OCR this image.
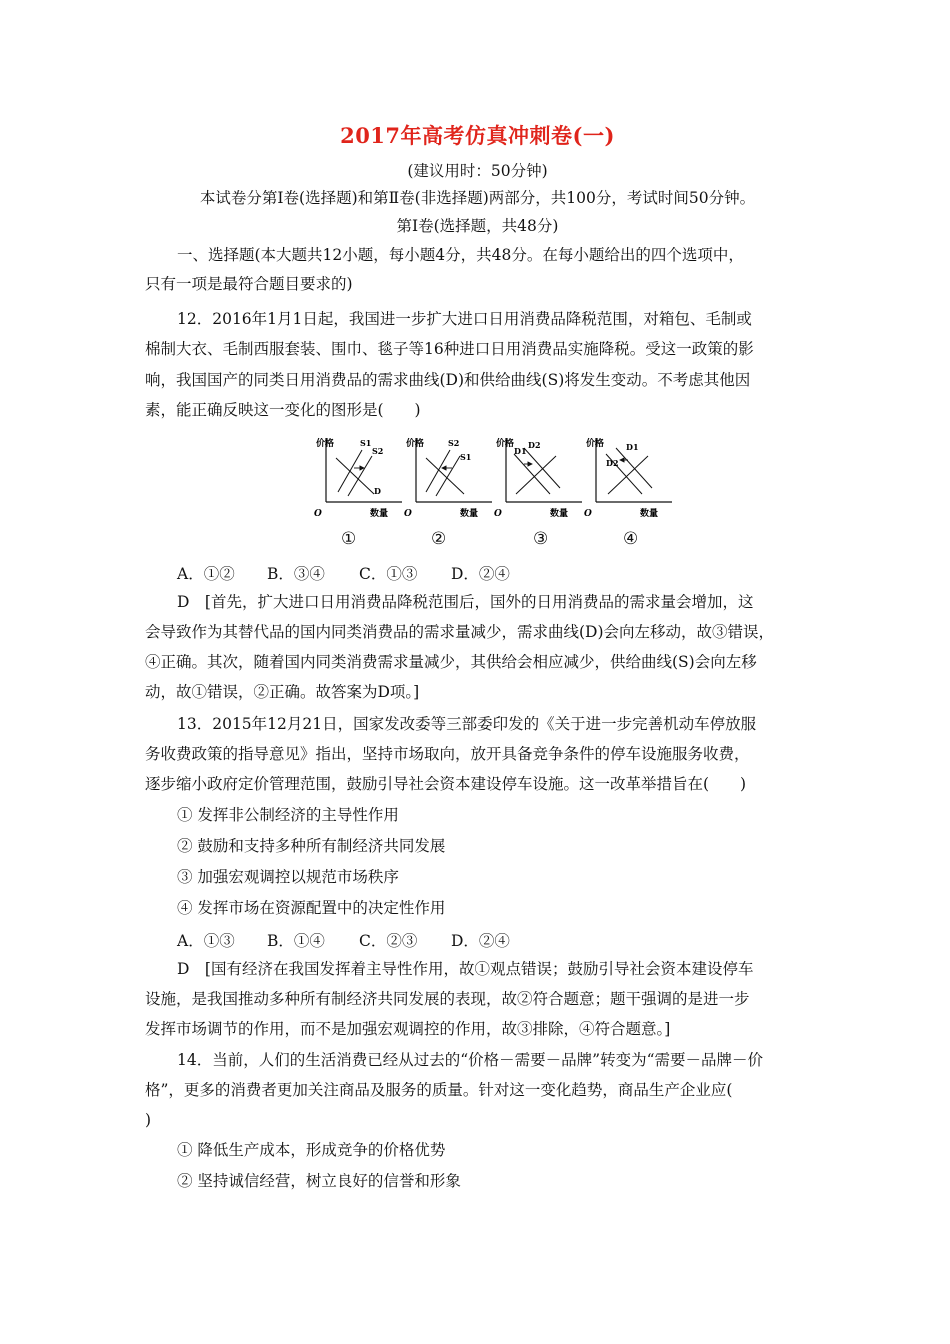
2017年高考仿真冲刺卷(一)
(建议用时：50分钟)
本试卷分第Ⅰ卷(选择题)和第Ⅱ卷(非选择题)两部分，共100分，考试时间50分钟。
第Ⅰ卷(选择题，共48分)
一、选择题(本大题共12小题，每小题4分，共48分。在每小题给出的四个选项中，
只有一项是最符合题目要求的)
12．2016年1月1日起，我国进一步扩大进口日用消费品降税范围，对箱包、毛制或
棉制大衣、毛制西服套装、围巾、毯子等16种进口日用消费品实施降税。受这一政策的影
响，我国国产的同类日用消费品的需求曲线(D)和供给曲线(S)将发生变动。不考虑其他因
素，能正确反映这一变化的图形是(　　)
价格
数量
O
S1
S2
D
价格
数量
O
S2
S1
价格
数量
O
D1
D2	价格
数量
O
D2
D1
①	②	③	④
A．①② B．③④ C．①③ D．②④
D　[首先，扩大进口日用消费品降税范围后，国外的日用消费品的需求量会增加，这
会导致作为其替代品的国内同类消费品的需求量减少，需求曲线(D)会向左移动，故③错误，
④正确。其次，随着国内同类消费需求量减少，其供给会相应减少，供给曲线(S)会向左移
动，故①错误，②正确。故答案为D项。]
13．2015年12月21日，国家发改委等三部委印发的《关于进一步完善机动车停放服
务收费政策的指导意见》指出，坚持市场取向，放开具备竞争条件的停车设施服务收费，
逐步缩小政府定价管理范围，鼓励引导社会资本建设停车设施。这一改革举措旨在(　　)
① 发挥非公制经济的主导性作用
② 鼓励和支持多种所有制经济共同发展
③ 加强宏观调控以规范市场秩序
④ 发挥市场在资源配置中的决定性作用
A．①③ B．①④ C．②③ D．②④
D　[国有经济在我国发挥着主导性作用，故①观点错误；鼓励引导社会资本建设停车
设施，是我国推动多种所有制经济共同发展的表现，故②符合题意；题干强调的是进一步
发挥市场调节的作用，而不是加强宏观调控的作用，故③排除，④符合题意。]
14．当前，人们的生活消费已经从过去的“价格－需要－品牌”转变为“需要－品牌－价
格”，更多的消费者更加关注商品及服务的质量。针对这一变化趋势，商品生产企业应(
)
① 降低生产成本，形成竞争的价格优势
② 坚持诚信经营，树立良好的信誉和形象
